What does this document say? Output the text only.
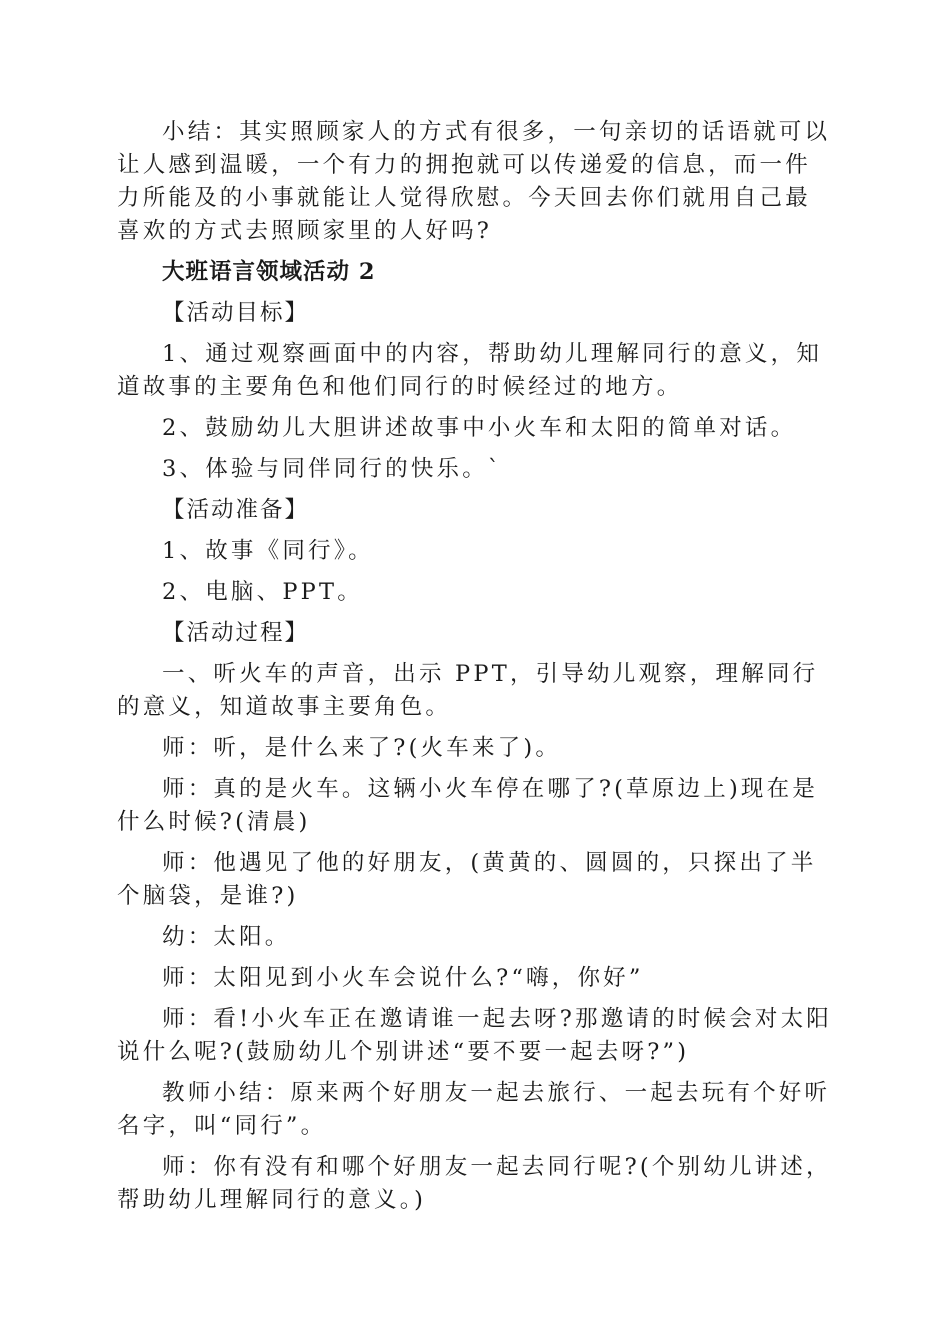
小结：其实照顾家人的方式有很多，一句亲切的话语就可以让人感到温暖，一个有力的拥抱就可以传递爱的信息，而一件力所能及的小事就能让人觉得欣慰。今天回去你们就用自己最喜欢的方式去照顾家里的人好吗?

大班语言领域活动 2

【活动目标】

1、通过观察画面中的内容，帮助幼儿理解同行的意义，知道故事的主要角色和他们同行的时候经过的地方。

2、鼓励幼儿大胆讲述故事中小火车和太阳的简单对话。

3、体验与同伴同行的快乐。`

【活动准备】

1、故事《同行》。

2、电脑、PPT。

【活动过程】

一、听火车的声音，出示 PPT，引导幼儿观察，理解同行的意义，知道故事主要角色。

师：听，是什么来了?(火车来了)。

师：真的是火车。这辆小火车停在哪了?(草原边上)现在是什么时候?(清晨)

师：他遇见了他的好朋友，(黄黄的、圆圆的，只探出了半个脑袋，是谁?)

幼：太阳。

师：太阳见到小火车会说什么?“嗨，你好”

师：看!小火车正在邀请谁一起去呀?那邀请的时候会对太阳说什么呢?(鼓励幼儿个别讲述“要不要一起去呀?”)

教师小结：原来两个好朋友一起去旅行、一起去玩有个好听名字，叫“同行”。

师：你有没有和哪个好朋友一起去同行呢?(个别幼儿讲述，帮助幼儿理解同行的意义。)
